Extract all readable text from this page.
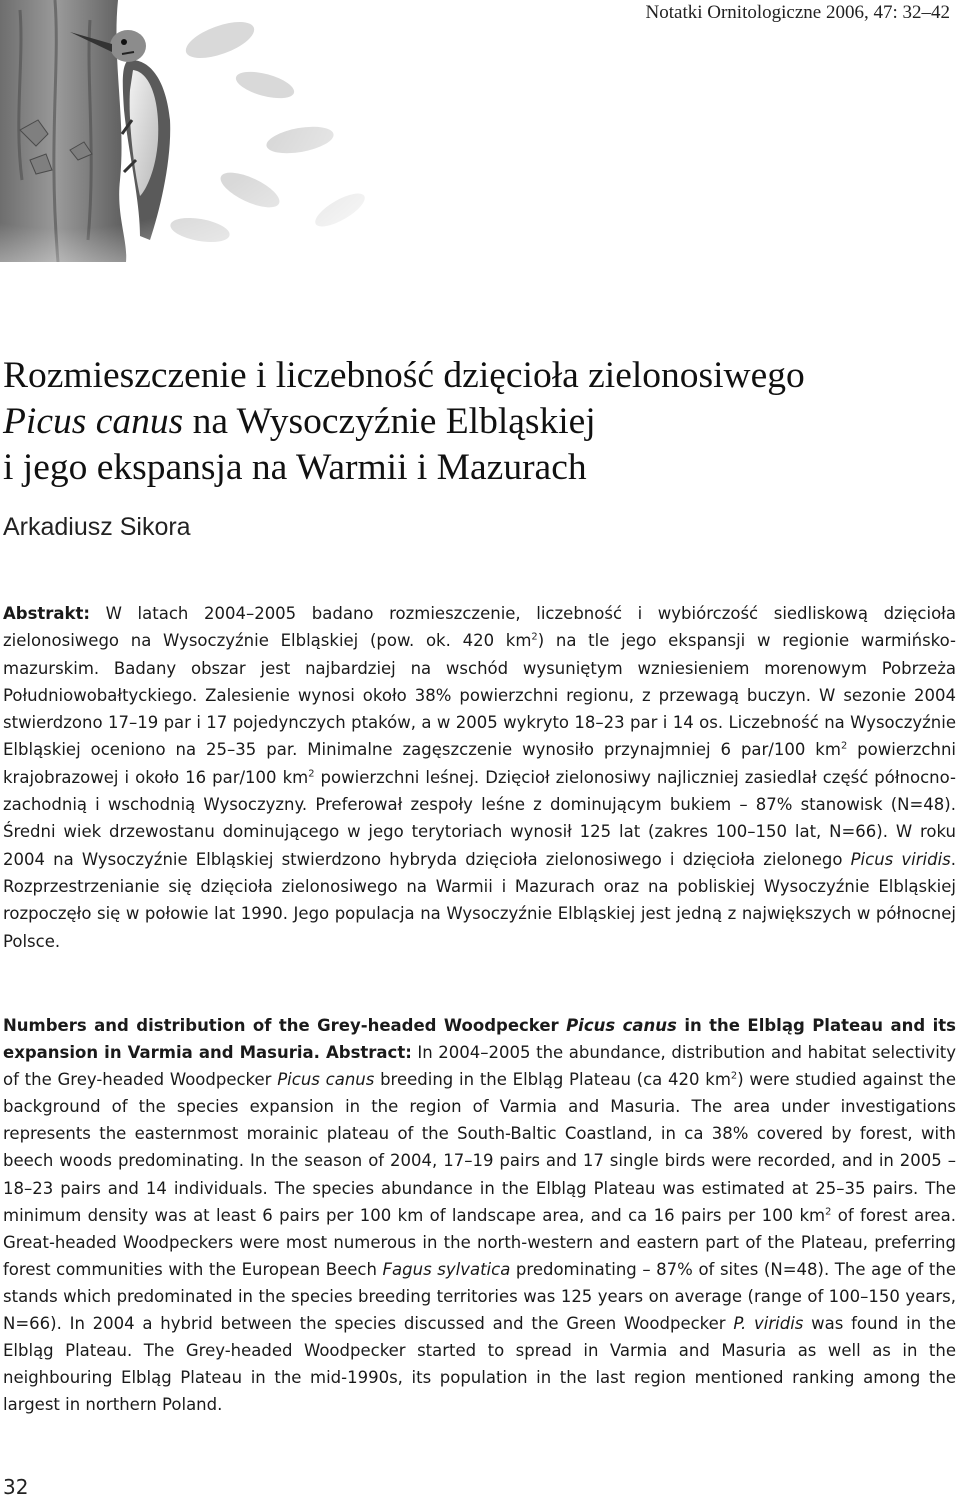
Notatki Ornitologiczne 2006, 47: 32–42
Rozmieszczenie i liczebność dzięcioła zielonosiwego
Picus canus na Wysoczyźnie Elbląskiej
i jego ekspansja na Warmii i Mazurach
Arkadiusz Sikora

Abstrakt: W latach 2004–2005 badano rozmieszczenie, liczebność i wybiórczość siedliskową dzięcioła zielonosiwego na Wysoczyźnie Elbląskiej (pow. ok. 420 $km^2$) na tle jego ekspansji w regionie warmińsko-mazurskim. Badany obszar jest najbardziej na wschód wysuniętym wzniesieniem morenowym Pobrzeża Południowobałtyckiego. Zalesienie wynosi około 38% powierzchni regionu, z przewagą buczyn. W sezonie 2004 stwierdzono 17–19 par i 17 pojedynczych ptaków, a w 2005 wykryto 18–23 par i 14 os. Liczebność na Wysoczyźnie Elbląskiej oceniono na 25–35 par. Minimalne zagęszczenie wynosiło przynajmniej 6 par/100 $km^2$ powierzchni krajobrazowej i około 16 par/100 $km^2$ powierzchni leśnej. Dzięcioł zielonosiwy najliczniej zasiedlał część północno-zachodnią i wschodnią Wysoczyzny. Preferował zespoły leśne z dominującym bukiem – 87% stanowisk (N=48). Średni wiek drzewostanu dominującego w jego terytoriach wynosił 125 lat (zakres 100–150 lat, N=66). W roku 2004 na Wysoczyźnie Elbląskiej stwierdzono hybryda dzięcioła zielonosiwego i dzięcioła zielonego Picus viridis. Rozprzestrzenianie się dzięcioła zielonosiwego na Warmii i Mazurach oraz na pobliskiej Wysoczyźnie Elbląskiej rozpoczęło się w połowie lat 1990. Jego populacja na Wysoczyźnie Elbląskiej jest jedną z największych w północnej Polsce.

Numbers and distribution of the Grey-headed Woodpecker Picus canus in the Elbląg Plateau and its expansion in Varmia and Masuria. Abstract: In 2004–2005 the abundance, distribution and habitat selectivity of the Grey-headed Woodpecker Picus canus breeding in the Elbląg Plateau (ca 420 $km^2$) were studied against the background of the species expansion in the region of Varmia and Masuria. The area under investigations represents the easternmost morainic plateau of the South-Baltic Coastland, in ca 38% covered by forest, with beech woods predominating. In the season of 2004, 17–19 pairs and 17 single birds were recorded, and in 2005 – 18–23 pairs and 14 individuals. The species abundance in the Elbląg Plateau was estimated at 25–35 pairs. The minimum density was at least 6 pairs per 100 km of landscape area, and ca 16 pairs per 100 $km^2$ of forest area. Great-headed Woodpeckers were most numerous in the north-western and eastern part of the Plateau, preferring forest communities with the European Beech Fagus sylvatica predominating – 87% of sites (N=48). The age of the stands which predominated in the species breeding territories was 125 years on average (range of 100–150 years, N=66). In 2004 a hybrid between the species discussed and the Green Woodpecker P. viridis was found in the Elbląg Plateau. The Grey-headed Woodpecker started to spread in Varmia and Masuria as well as in the neighbouring Elbląg Plateau in the mid-1990s, its population in the last region mentioned ranking among the largest in northern Poland.

32
